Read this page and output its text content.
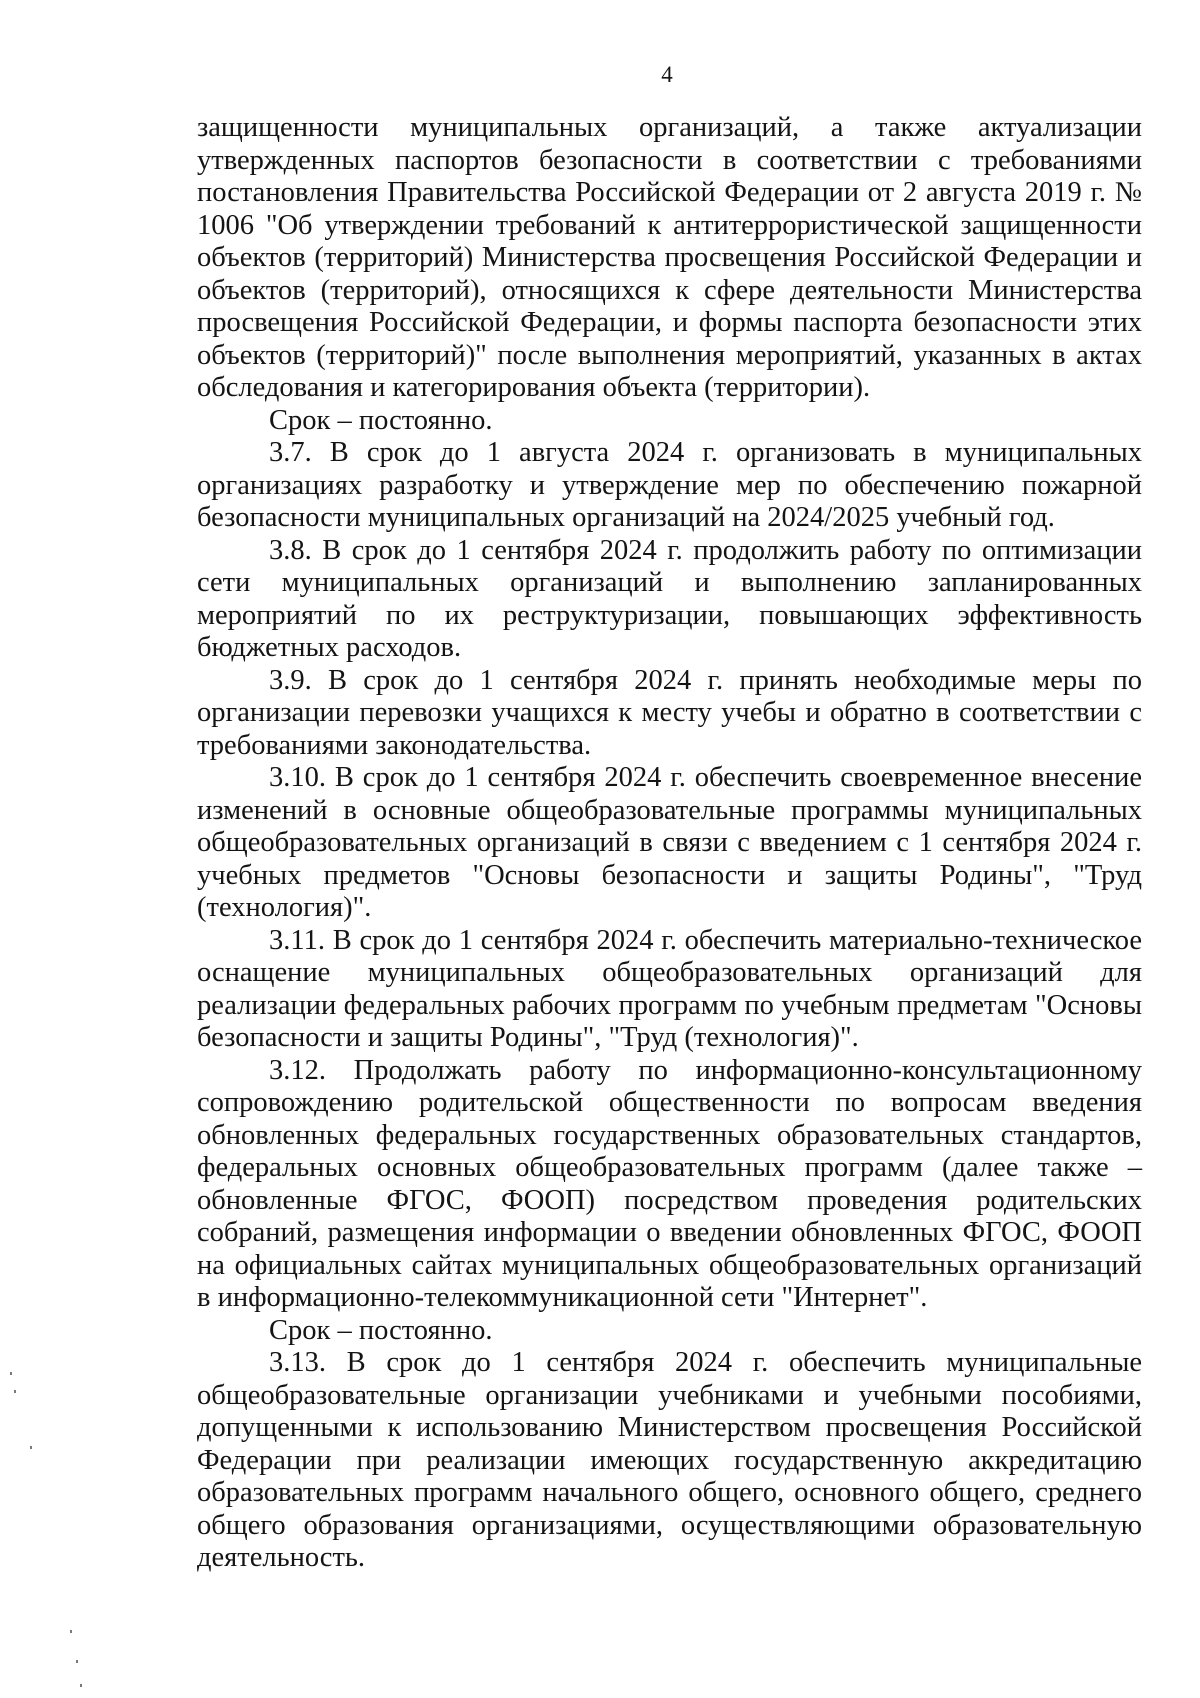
4

защищенности муниципальных организаций, а также актуализации утвержденных паспортов безопасности в соответствии с требованиями постановления Правительства Российской Федерации от 2 августа 2019 г. № 1006 "Об утверждении требований к антитеррористической защищенности объектов (территорий) Министерства просвещения Российской Федерации и объектов (территорий), относящихся к сфере деятельности Министерства просвещения Российской Федерации, и формы паспорта безопасности этих объектов (территорий)" после выполнения мероприятий, указанных в актах обследования и категорирования объекта (территории).

Срок – постоянно.

3.7. В срок до 1 августа 2024 г. организовать в муниципальных организациях разработку и утверждение мер по обеспечению пожарной безопасности муниципальных организаций на 2024/2025 учебный год.

3.8. В срок до 1 сентября 2024 г. продолжить работу по оптимизации сети муниципальных организаций и выполнению запланированных мероприятий по их реструктуризации, повышающих эффективность бюджетных расходов.

3.9. В срок до 1 сентября 2024 г. принять необходимые меры по организации перевозки учащихся к месту учебы и обратно в соответствии с требованиями законодательства.

3.10. В срок до 1 сентября 2024 г. обеспечить своевременное внесение изменений в основные общеобразовательные программы муниципальных общеобразовательных организаций в связи с введением с 1 сентября 2024 г. учебных предметов "Основы безопасности и защиты Родины", "Труд (технология)".

3.11. В срок до 1 сентября 2024 г. обеспечить материально-техническое оснащение муниципальных общеобразовательных организаций для реализации федеральных рабочих программ по учебным предметам "Основы безопасности и защиты Родины", "Труд (технология)".

3.12. Продолжать работу по информационно-консультационному сопровождению родительской общественности по вопросам введения обновленных федеральных государственных образовательных стандартов, федеральных основных общеобразовательных программ (далее также – обновленные ФГОС, ФООП) посредством проведения родительских собраний, размещения информации о введении обновленных ФГОС, ФООП на официальных сайтах муниципальных общеобразовательных организаций в информационно-телекоммуникационной сети "Интернет".

Срок – постоянно.

3.13. В срок до 1 сентября 2024 г. обеспечить муниципальные общеобразовательные организации учебниками и учебными пособиями, допущенными к использованию Министерством просвещения Российской Федерации при реализации имеющих государственную аккредитацию образовательных программ начального общего, основного общего, среднего общего образования организациями, осуществляющими образовательную деятельность.
